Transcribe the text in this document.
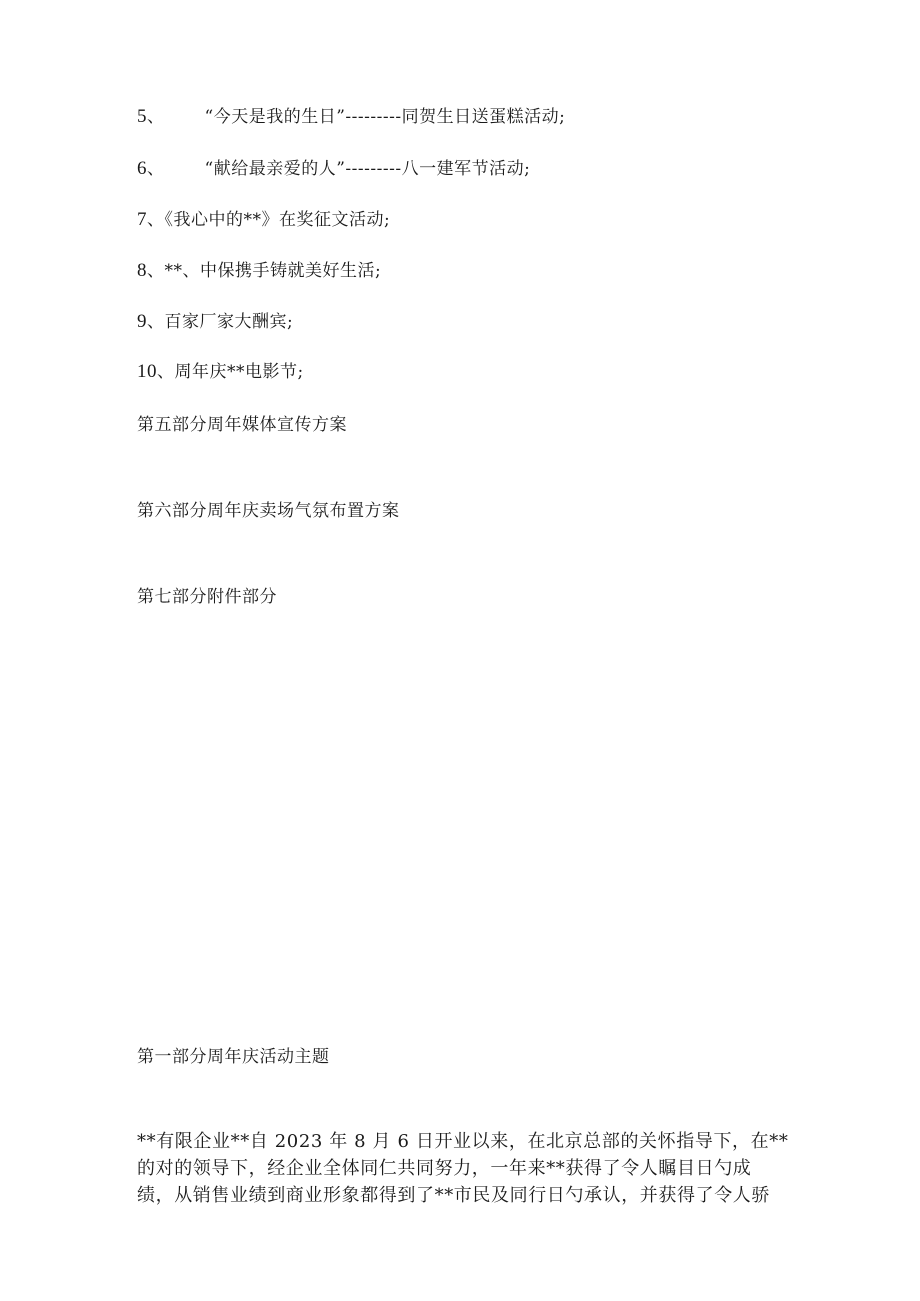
5、 “今天是我的生日”---------同贺生日送蛋糕活动;
6、 “献给最亲爱的人”---------八一建军节活动;
7、《我心中的**》在奖征文活动;
8、**、中保携手铸就美好生活;
9、百家厂家大酬宾;
10、周年庆**电影节;
第五部分周年媒体宣传方案
第六部分周年庆卖场气氛布置方案
第七部分附件部分
第一部分周年庆活动主题
**有限企业**自 2023 年 8 月 6 日开业以来，在北京总部的关怀指导下，在**
的对的领导下，经企业全体同仁共同努力，一年来**获得了令人瞩目日勺成
绩，从销售业绩到商业形象都得到了**市民及同行日勺承认，并获得了令人骄
